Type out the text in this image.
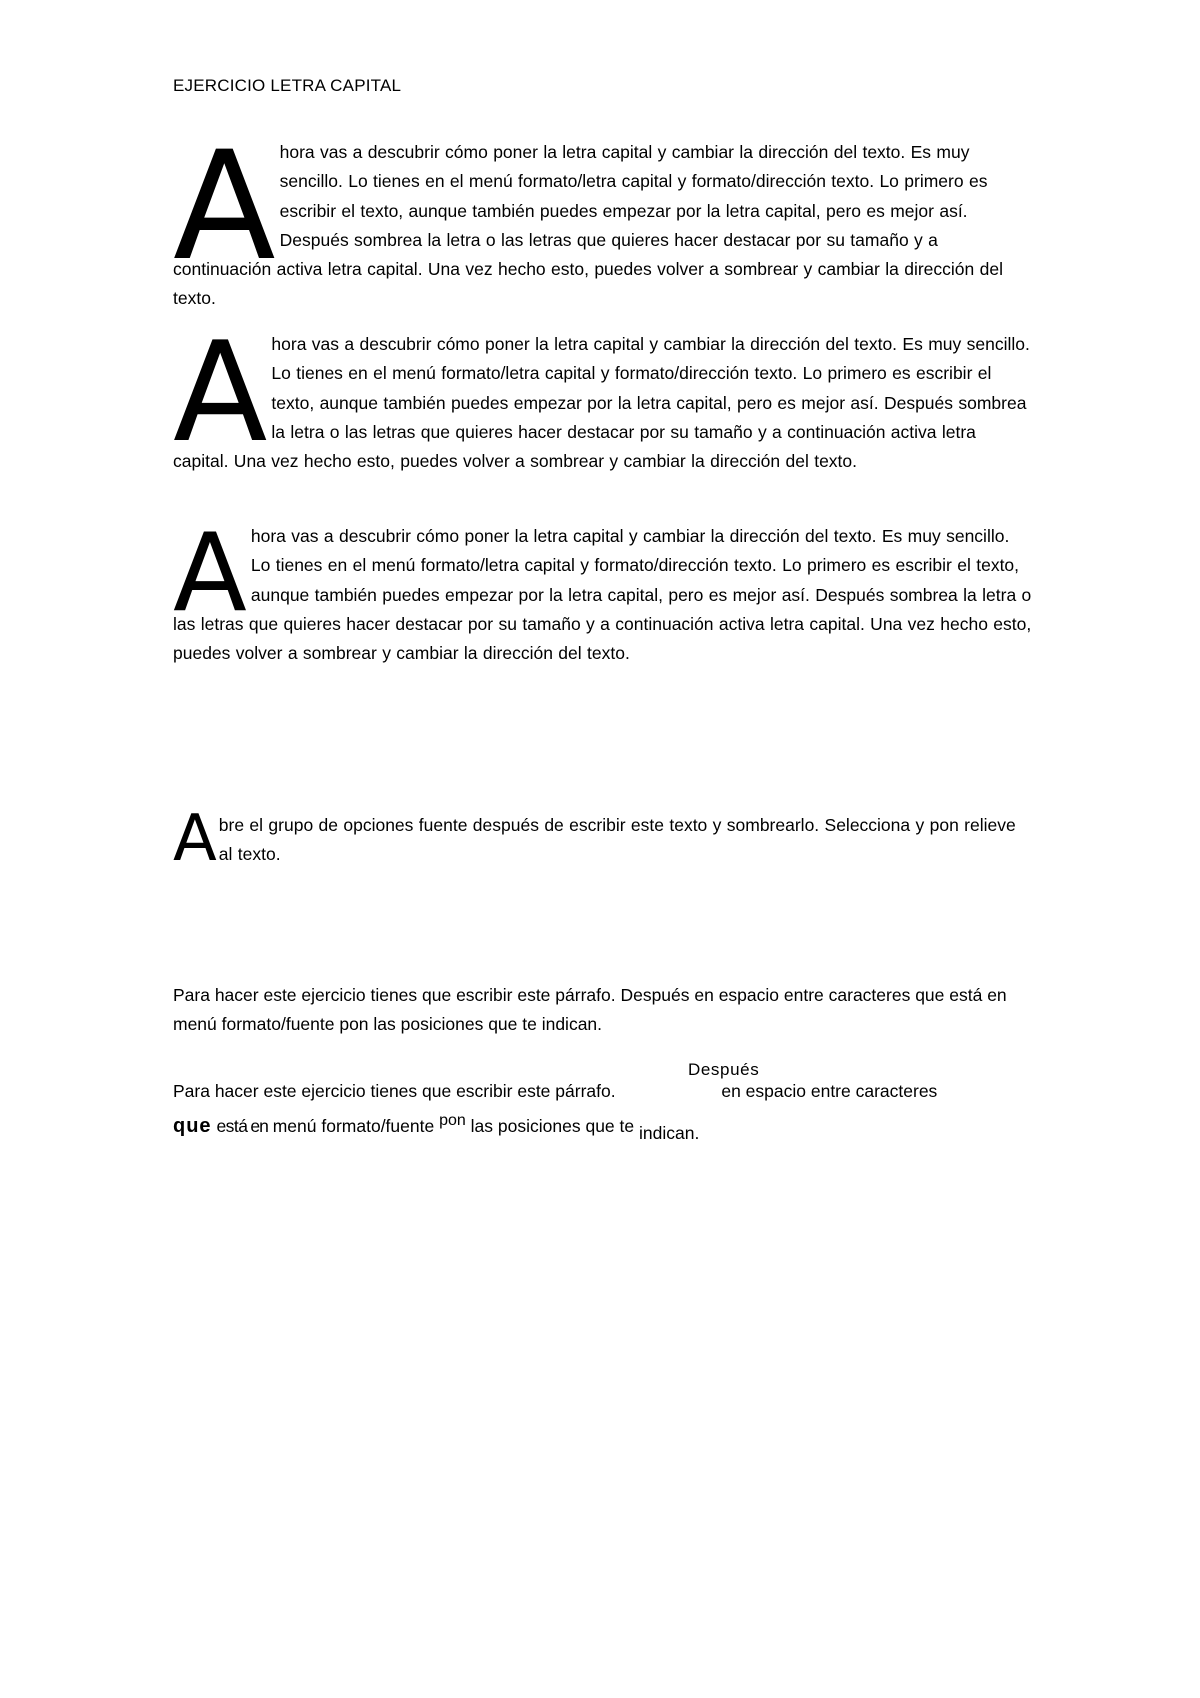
EJERCICIO LETRA CAPITAL
A hora vas a descubrir cómo poner la letra capital y cambiar la dirección del texto. Es muy sencillo. Lo tienes en el menú formato/letra capital y formato/dirección texto. Lo primero es escribir el texto, aunque también puedes empezar por la letra capital, pero es mejor así. Después sombrea la letra o las letras que quieres hacer destacar por su tamaño y a continuación activa letra capital. Una vez hecho esto, puedes volver a sombrear y cambiar la dirección del texto.
A hora vas a descubrir cómo poner la letra capital y cambiar la dirección del texto. Es muy sencillo. Lo tienes en el menú formato/letra capital y formato/dirección texto. Lo primero es escribir el texto, aunque también puedes empezar por la letra capital, pero es mejor así. Después sombrea la letra o las letras que quieres hacer destacar por su tamaño y a continuación activa letra capital. Una vez hecho esto, puedes volver a sombrear y cambiar la dirección del texto.
A hora vas a descubrir cómo poner la letra capital y cambiar la dirección del texto. Es muy sencillo. Lo tienes en el menú formato/letra capital y formato/dirección texto. Lo primero es escribir el texto, aunque también puedes empezar por la letra capital, pero es mejor así. Después sombrea la letra o las letras que quieres hacer destacar por su tamaño y a continuación activa letra capital. Una vez hecho esto, puedes volver a sombrear y cambiar la dirección del texto.
A bre el grupo de opciones fuente después de escribir este texto y sombrearlo. Selecciona y pon relieve al texto.
Para hacer este ejercicio tienes que escribir este párrafo. Después en espacio entre caracteres que está en menú formato/fuente pon las posiciones que te indican.
Después
Para hacer este ejercicio tienes que escribir este párrafo.	en espacio entre caracteres
que está en menú formato/fuente pon las posiciones que te indican.
